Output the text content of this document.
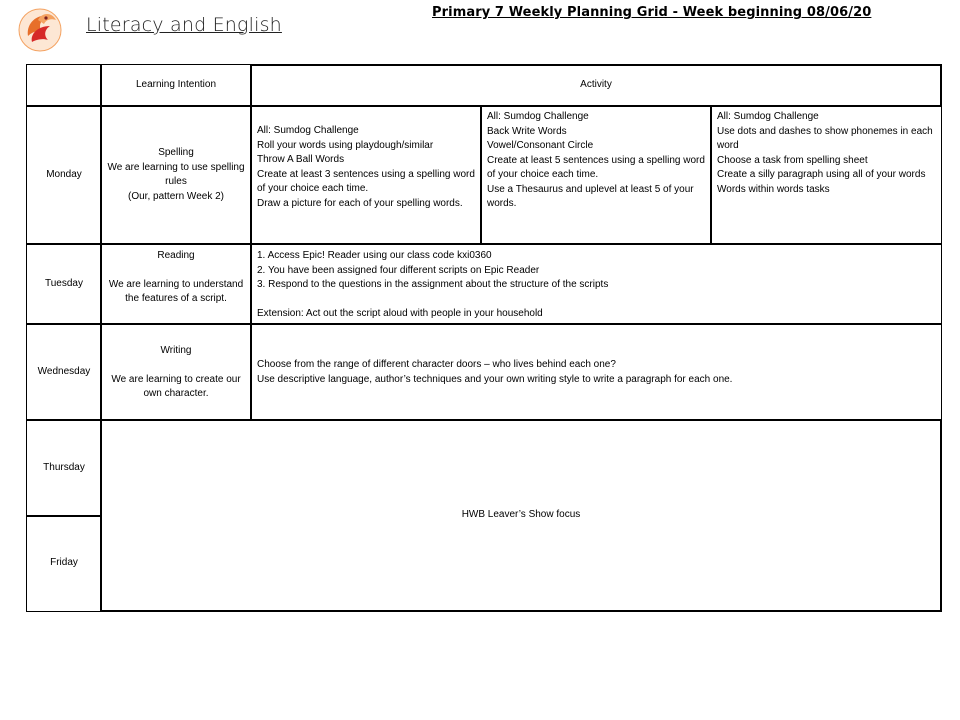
Literacy and English
Primary 7 Weekly Planning Grid - Week beginning 08/06/20
Learning Intention	Activity
Monday
Spelling
We are learning to use spelling rules
(Our, pattern Week 2)
All: Sumdog Challenge
Roll your words using playdough/similar
Throw A Ball Words
Create at least 3 sentences using a spelling word of your choice each time.
Draw a picture for each of your spelling words.
All: Sumdog Challenge
Back Write Words
Vowel/Consonant Circle
Create at least 5 sentences using a spelling word of your choice each time.
Use a Thesaurus and uplevel at least 5 of your words.
All: Sumdog Challenge
Use dots and dashes to show phonemes in each word
Choose a task from spelling sheet
Create a silly paragraph using all of your words
Words within words tasks
Tuesday
Reading
We are learning to understand the features of a script.
1. Access Epic! Reader using our class code kxi0360
2. You have been assigned four different scripts on Epic Reader
3. Respond to the questions in the assignment about the structure of the scripts
Extension: Act out the script aloud with people in your household
Wednesday
Writing
We are learning to create our own character.
Choose from the range of different character doors – who lives behind each one?
Use descriptive language, author’s techniques and your own writing style to write a paragraph for each one.
Thursday
Friday
HWB Leaver’s Show focus
